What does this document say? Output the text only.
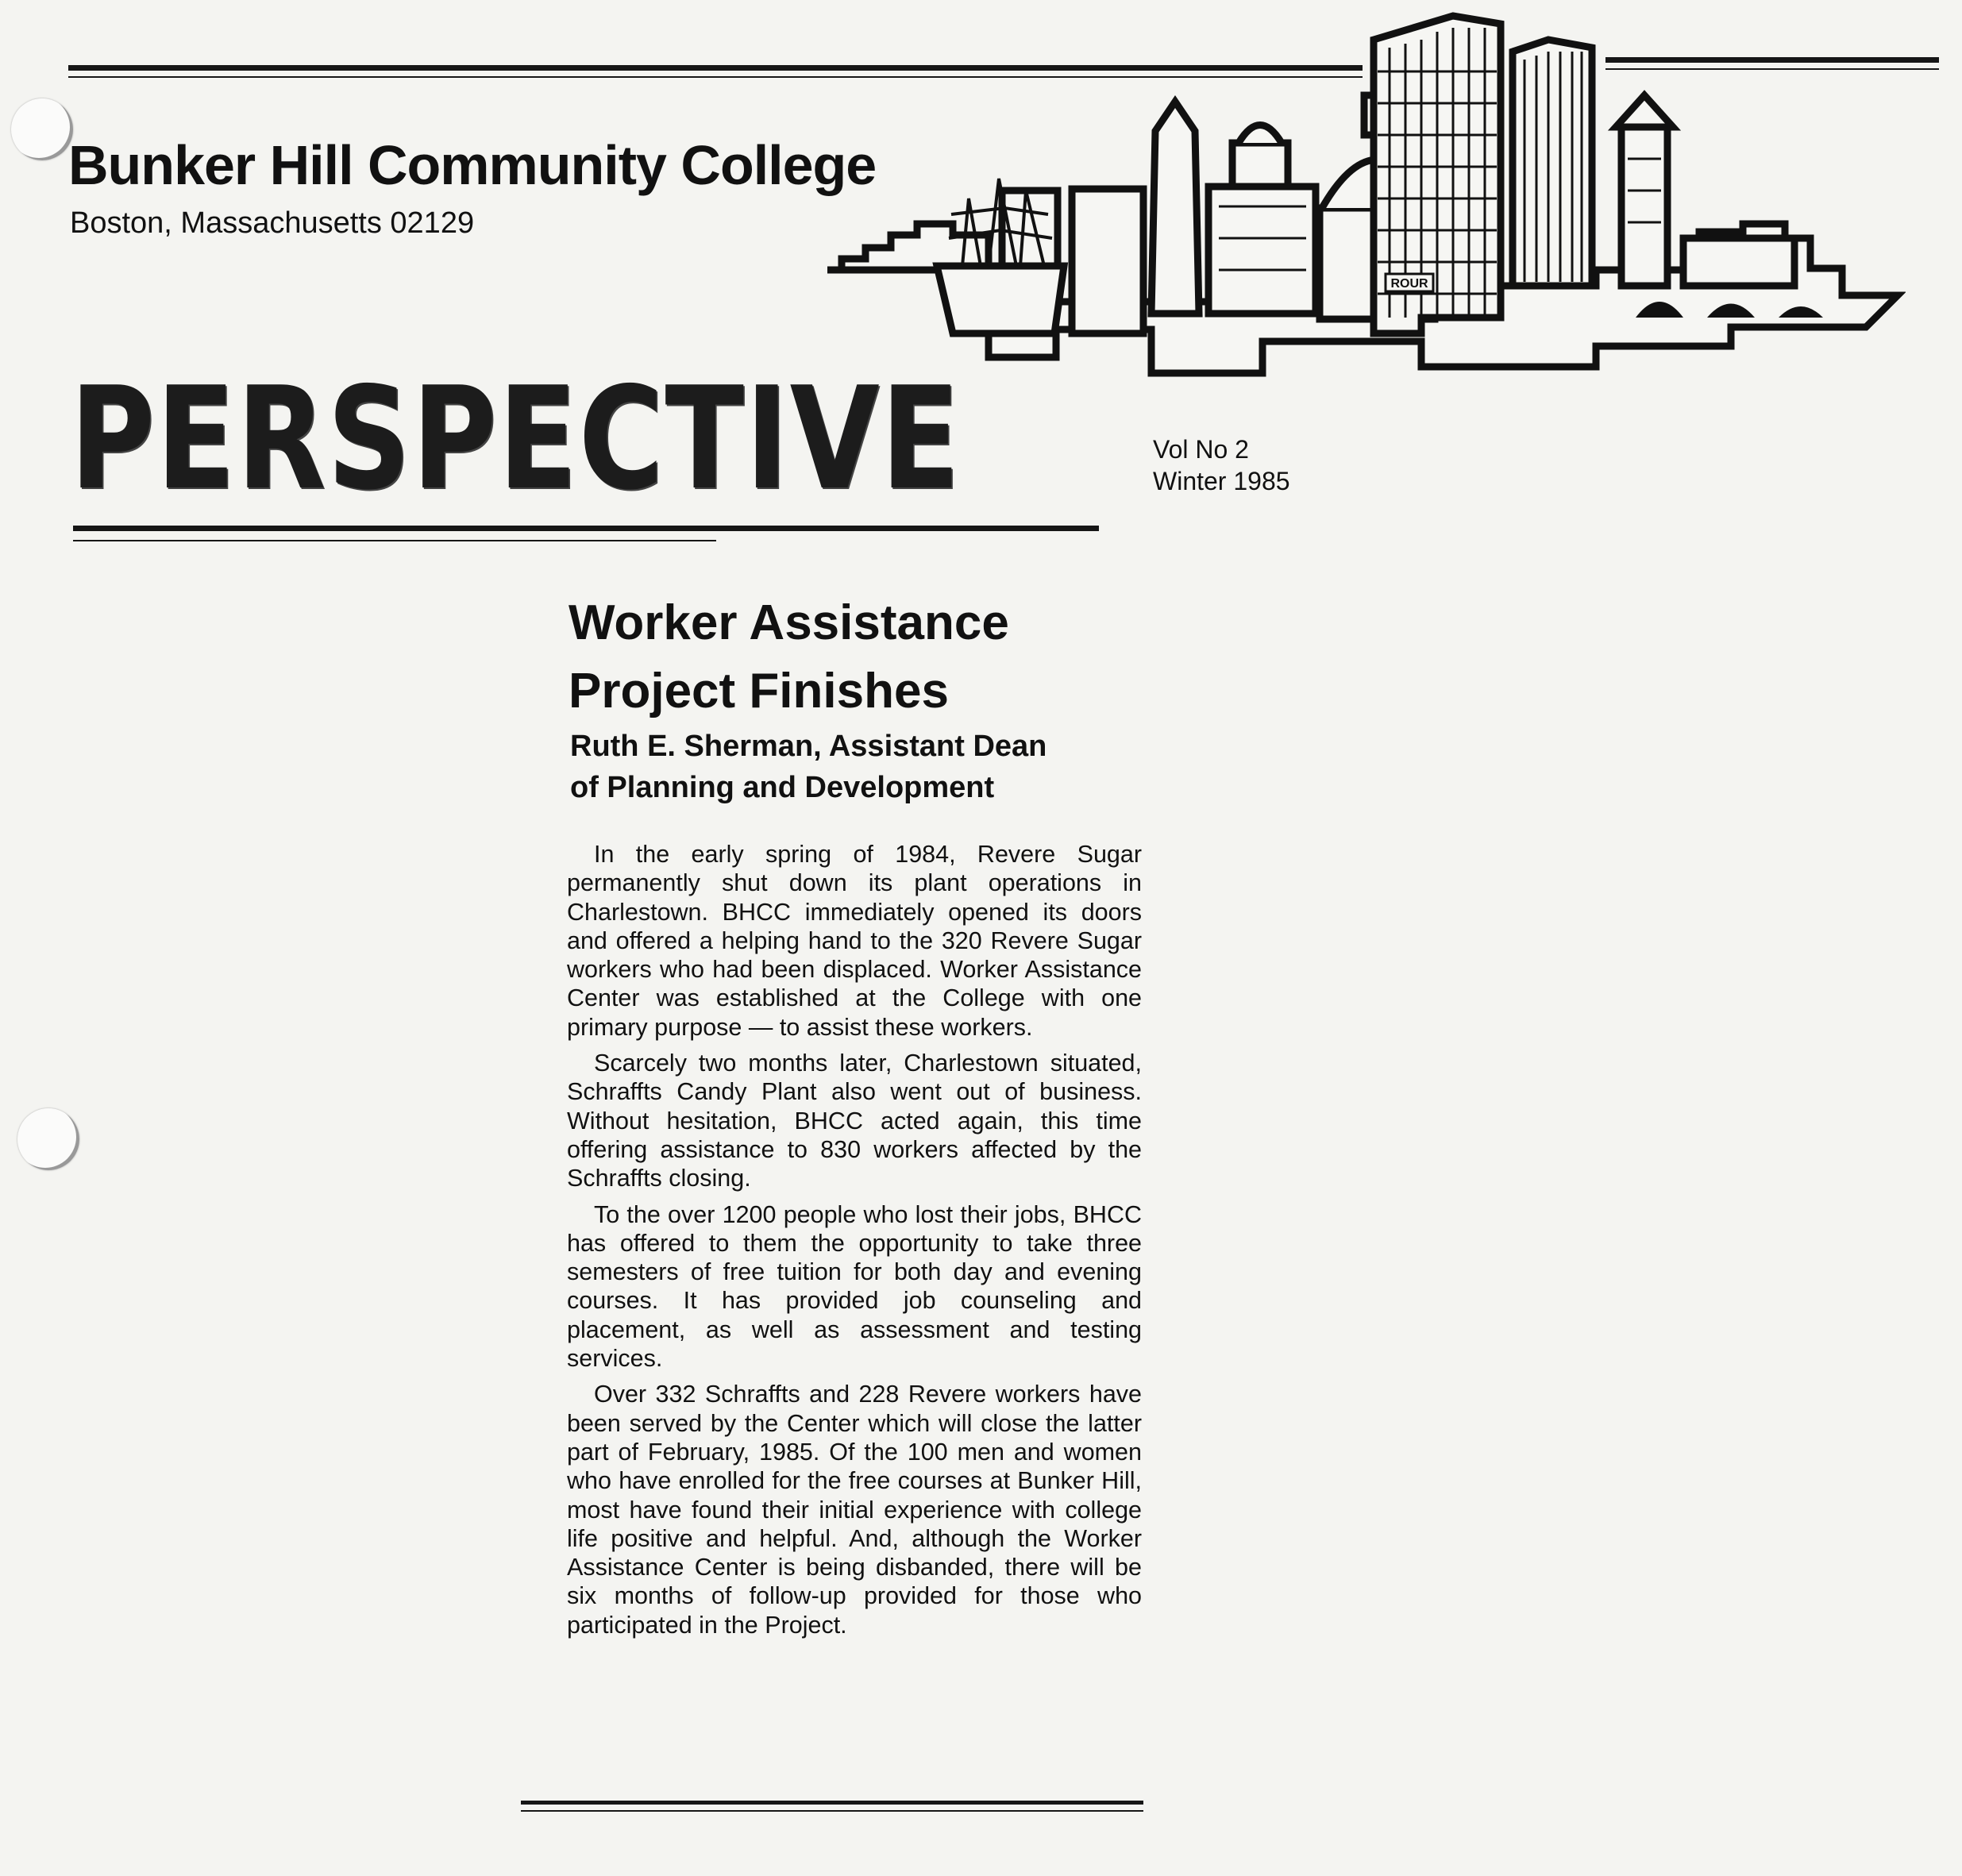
Bunker Hill Community College
Boston, Massachusetts 02129
ROUR
PERSPECTIVE	Vol No 2
Winter 1985
Worker Assistance
Project Finishes
Ruth E. Sherman, Assistant Dean
of Planning and Development

In the early spring of 1984, Revere Sugar permanently shut down its plant operations in Charlestown. BHCC immediately opened its doors and offered a helping hand to the 320 Revere Sugar workers who had been displaced. Worker Assistance Center was established at the College with one primary purpose — to assist these workers.

Scarcely two months later, Charlestown situated, Schraffts Candy Plant also went out of business. Without hesitation, BHCC acted again, this time offering assistance to 830 workers affected by the Schraffts closing.

To the over 1200 people who lost their jobs, BHCC has offered to them the opportunity to take three semesters of free tuition for both day and evening courses. It has provided job counseling and placement, as well as assessment and testing services.

Over 332 Schraffts and 228 Revere workers have been served by the Center which will close the latter part of February, 1985. Of the 100 men and women who have enrolled for the free courses at Bunker Hill, most have found their initial experience with college life positive and helpful. And, although the Worker Assistance Center is being disbanded, there will be six months of follow-up provided for those who participated in the Project.
